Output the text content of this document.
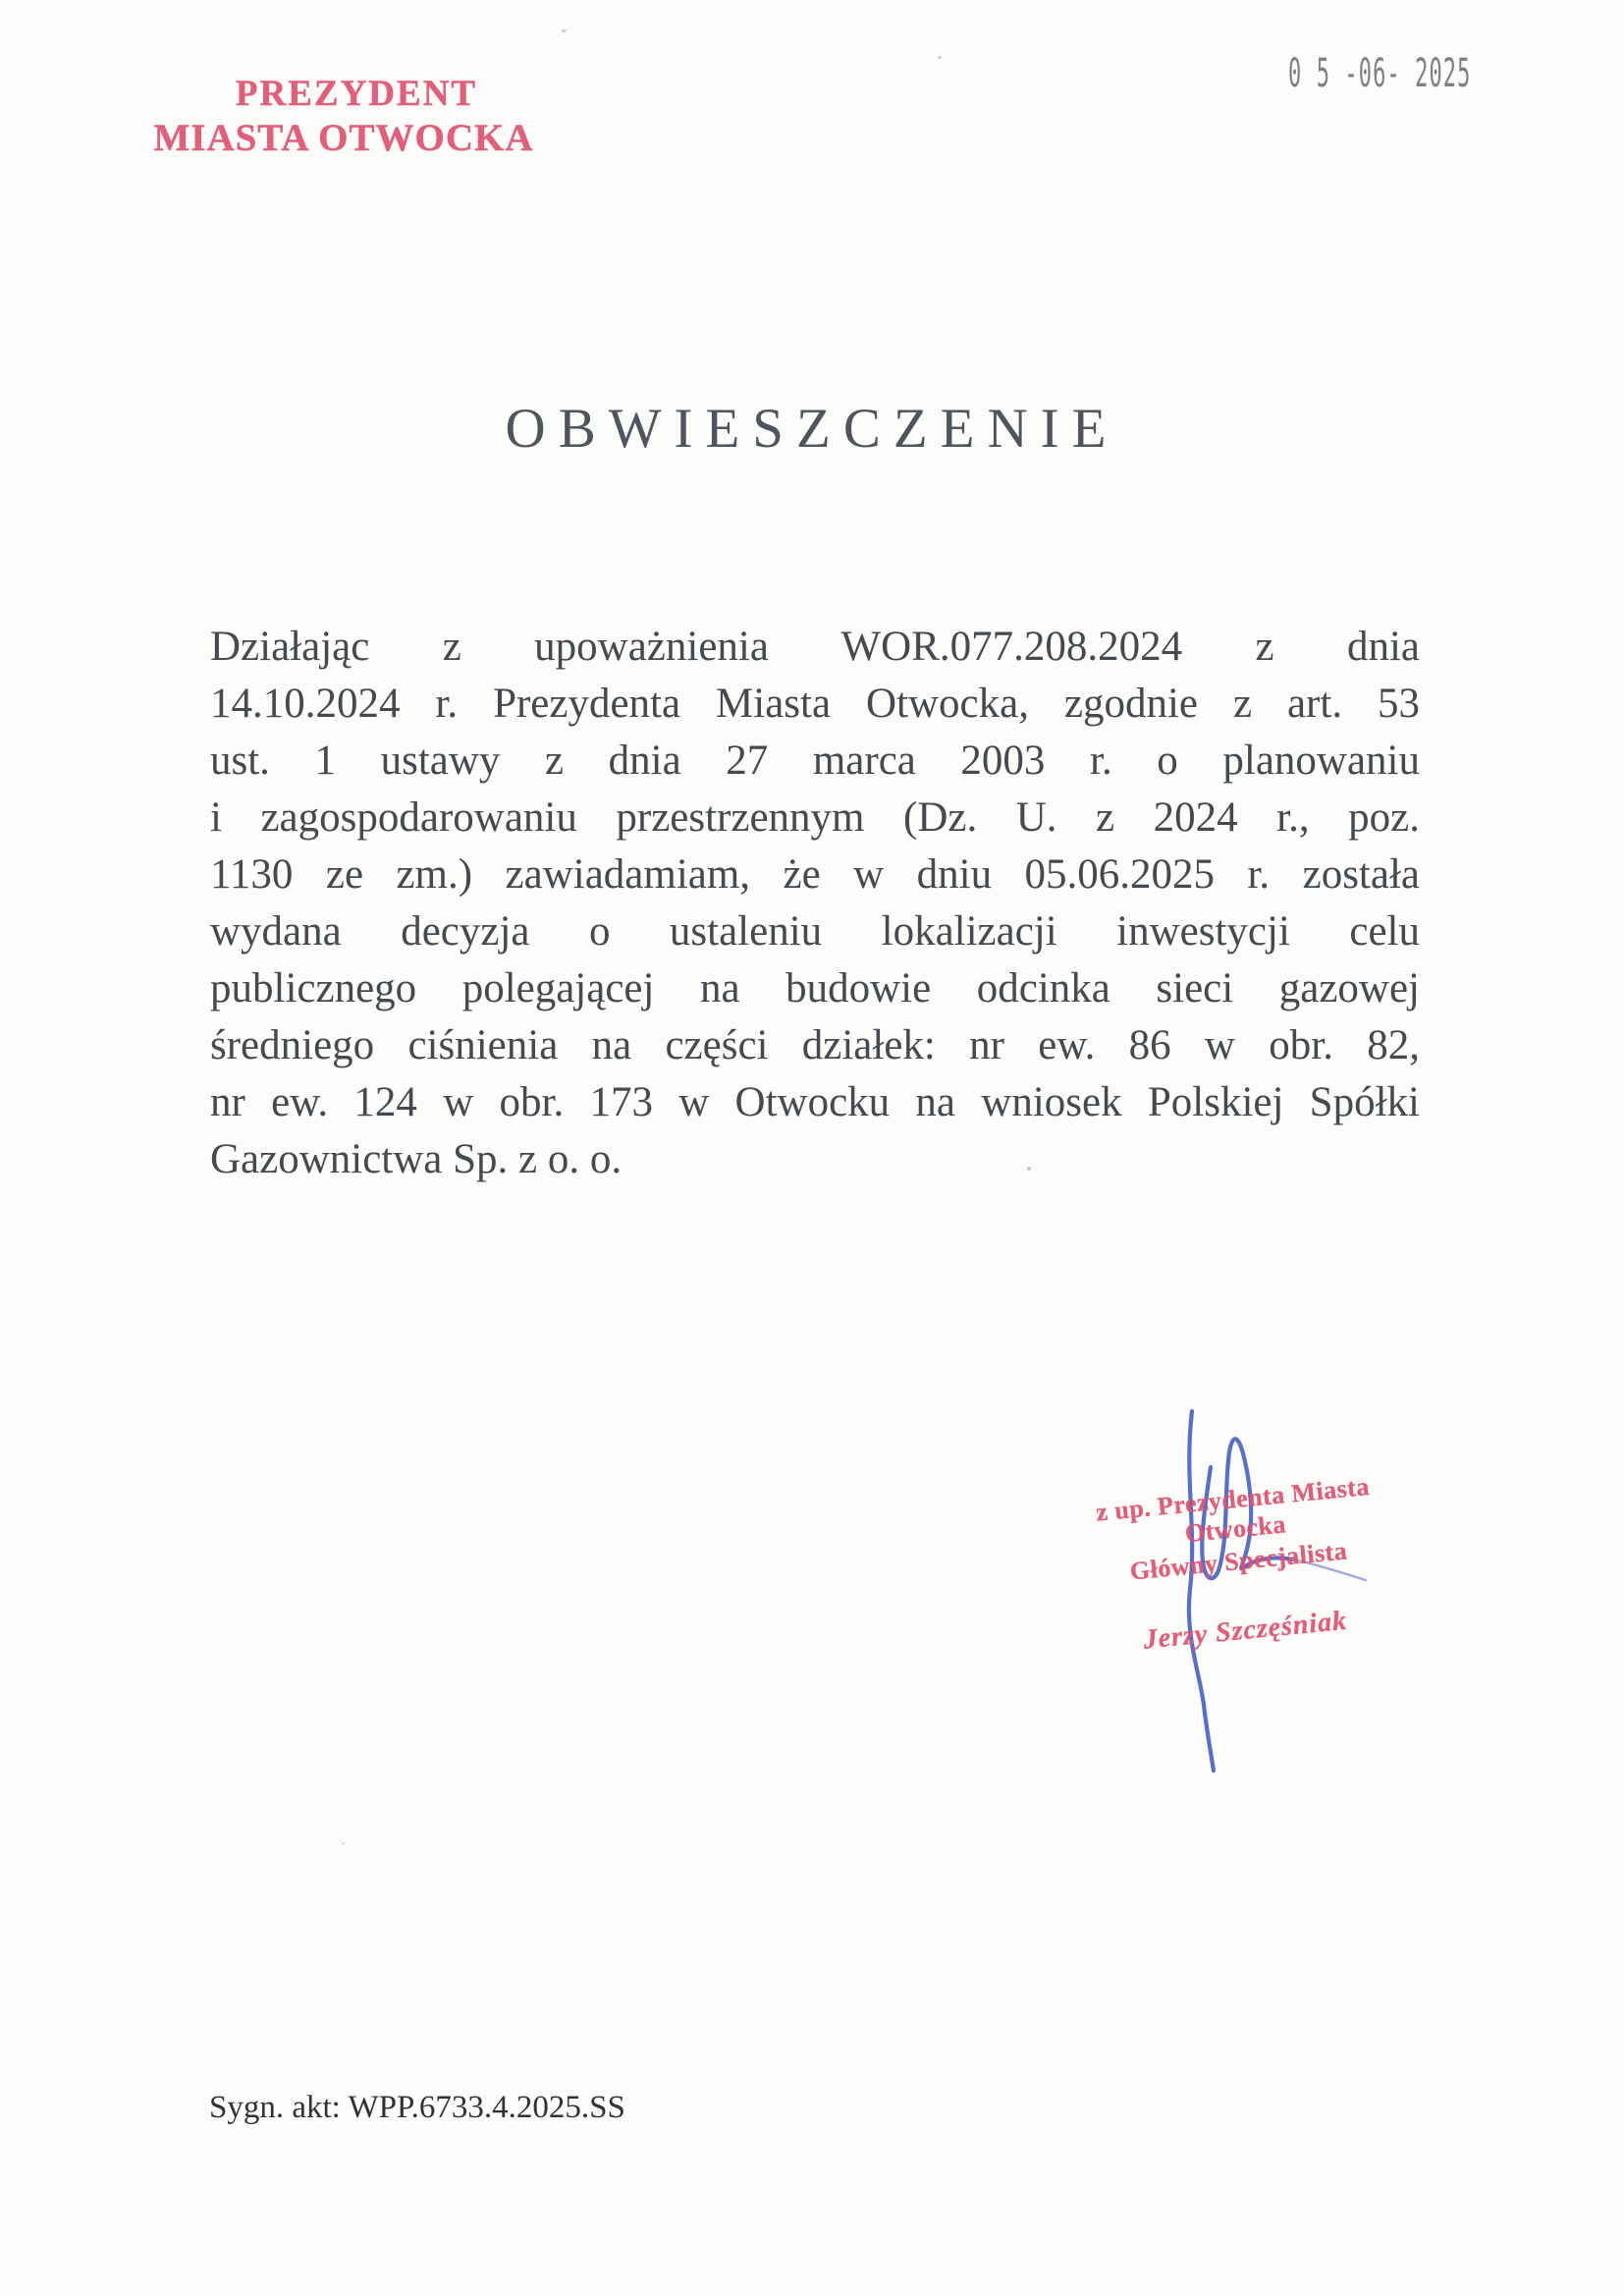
PREZYDENT
MIASTA OTWOCKA
0 5 -06- 2025
OBWIESZCZENIE
Działając z upoważnienia WOR.077.208.2024 z dnia
14.10.2024 r. Prezydenta Miasta Otwocka, zgodnie z art. 53
ust. 1 ustawy z dnia 27 marca 2003 r. o planowaniu
i zagospodarowaniu przestrzennym (Dz. U. z 2024 r., poz.
1130 ze zm.) zawiadamiam, że w dniu 05.06.2025 r. została
wydana decyzja o ustaleniu lokalizacji inwestycji celu
publicznego polegającej na budowie odcinka sieci gazowej
średniego ciśnienia na części działek: nr ew. 86 w obr. 82,
nr ew. 124 w obr. 173 w Otwocku na wniosek Polskiej Spółki
Gazownictwa Sp. z o. o.
z up. Prezydenta Miasta Otwocka
Główny Specjalista
Jerzy Szczęśniak
Sygn. akt: WPP.6733.4.2025.SS
